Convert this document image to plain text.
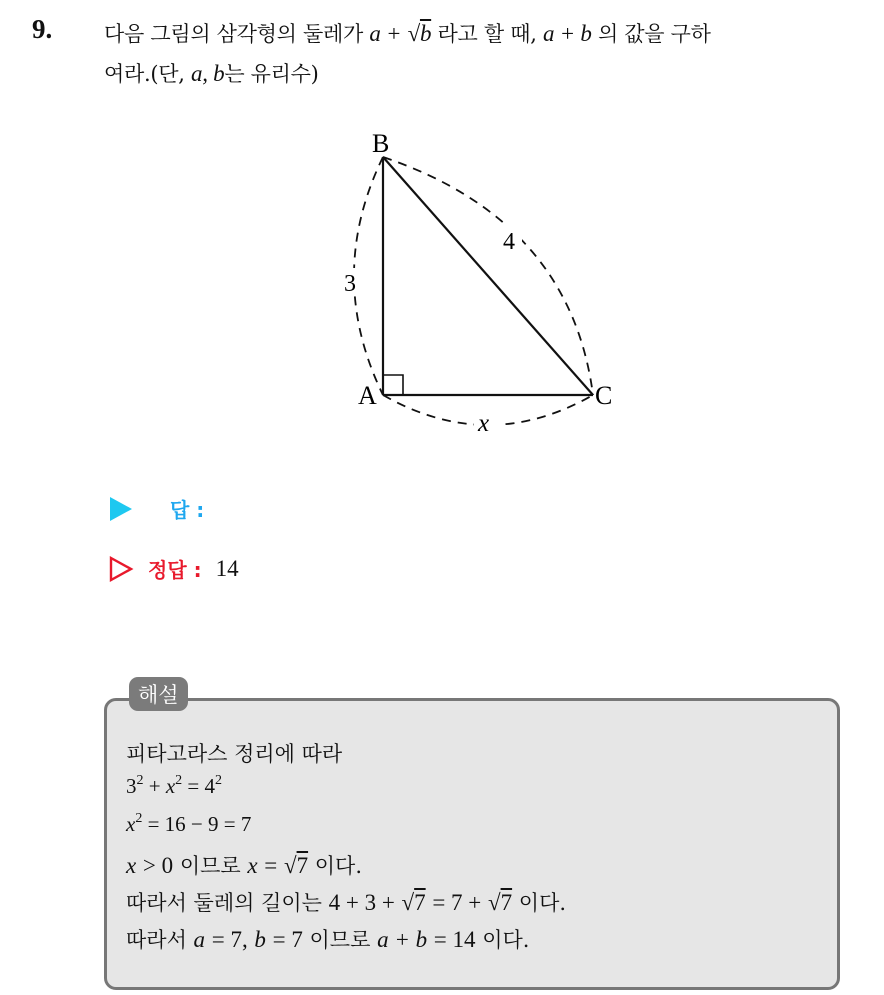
9. 다음 그림의 삼각형의 둘레가 a + √b 라고 할 때, a + b 의 값을 구하
여라.(단, a, b는 유리수)
B
A	C
3
4
x
답 :
정답 : 14
해설
피타고라스 정리에 따라
$3^2 + x^2 = 4^2$
$x^2 = 16 - 9 = 7$
x > 0 이므로 x = √7 이다.
따라서 둘레의 길이는 4 + 3 + √7 = 7 + √7 이다.
따라서 a = 7, b = 7 이므로 a + b = 14 이다.
